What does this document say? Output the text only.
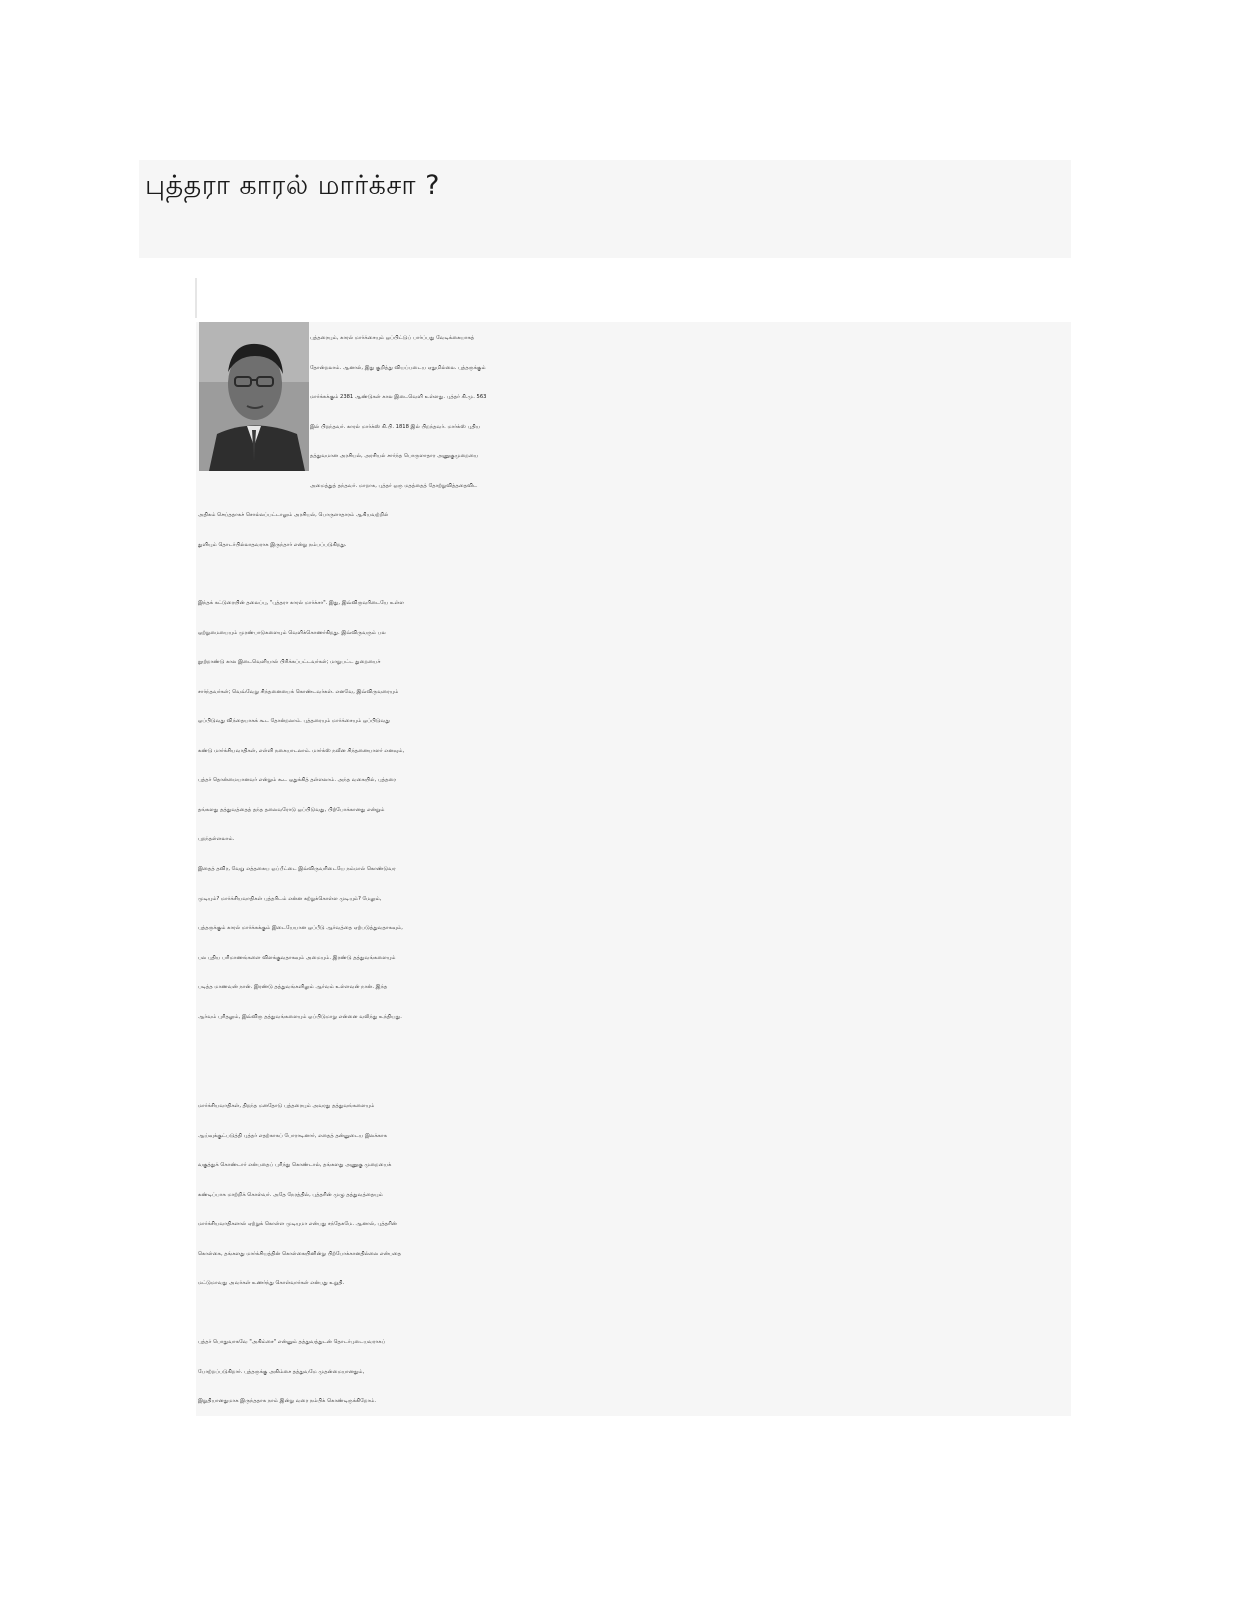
புத்தரா காரல் மார்க்சா ?
புத்தரையும், காரல் மார்க்சையும் ஒப்பிட்டுப் பார்ப்பது வேடிக்கையாகத்
தோன்றலாம். ஆனால், இது குறித்து வியப்படைய ஏதுமில்லை. புத்தருக்கும்
மார்க்சுக்கும் 2381 ஆண்டுகள் கால இடைவெளி உள்ளது. புத்தர் கி.மு. 563
இல் பிறந்தவர். காரல் மார்க்ஸ் கி.பி. 1818 இல் பிறந்தவர். மார்க்ஸ் புதிய
தத்துவமான அரசியல், அரசியல் சார்ந்த பொருளாதார அணுகுமுறையை
அமைத்துத் தந்தவர். மாறாக, புத்தர் ஒரு மதத்தைத் தோற்றுவித்ததைவிட
அதிகம் செய்ததாகச் சொல்லப்பட்டாலும் அரசியல், பொருளாதாரம் ஆகியவற்றில்
துளியும் தொடர்பில்லாதவராக இருந்தார் என்று நம்பப்படுகிறது.
இந்தக் கட்டுரையின் தலைப்பு, "புத்தரா காரல் மார்க்சா". இது, இவ்விருவரிடையே உள்ள
ஒற்றுமையையும் முரண்பாடுகளையும் வெளிக்கொணர்கிறது. இவ்விருவரும் பல
நூற்றாண்டு கால இடைவெளியால் பிரிக்கப்பட்டவர்கள்; மாறுபட்ட துறையைச்
சார்ந்தவர்கள்; வெவ்வேறு சிந்தனையைக் கொண்டவர்கள். எனவே, இவ்விருவரையும்
ஒப்பிடுவது விந்தையாகக் கூட தோன்றலாம். புத்தரையும் மார்க்சையும் ஒப்பிடுவது
கண்டு மார்க்சியவாதிகள், எள்ளி நகையாடலாம். மார்க்ஸ் நவீன சிந்தனையாளர் எனவும்,
புத்தர் தொன்மையானவர் என்றும் கூட ஒதுக்கித் தள்ளலாம். அந்த வகையில், புத்தரை
தங்களது தத்துவத்தைத் தந்த தலைவரோடு ஒப்பிடுவது, பிற்போக்கானது என்றும்
புறந்தள்ளலாம்.
இதைத் தவிர, வேறு எத்தகைய ஒப்பீட்டை இவ்விருவரிடையே நம்மால் கொண்டுவர
முடியும்? மார்க்சியவாதிகள் புத்தரிடம் என்ன கற்றுக்கொள்ள முடியும்? மேலும்,
புத்தருக்கும் காரல் மார்க்சுக்கும் இடையேயான ஒப்பீடு ஆர்வத்தை ஏற்படுத்துவதாகவும்,
பல புதிய பரிமாணங்களை விளக்குவதாகவும் அமையும். இரண்டு தத்துவங்களையும்
படித்த மாணவன் நான். இரண்டு தத்துவங்களிலும் ஆர்வம் உள்ளவன் நான். இந்த
ஆர்வம் புரிதலும், இவ்விரு தத்துவங்களையும் ஒப்பிடுமாறு என்னை வலிந்து உந்தியது.
மார்க்சியவாதிகள், திறந்த மனதோடு புத்தரையும் அவரது தத்துவங்களையும்
ஆய்வுக்குட்படுத்தி புத்தர் எதற்காகப் போராடினார், எதைத் தன்னுடைய இலக்காக
வகுத்துக் கொண்டார் என்பதைப் புரிந்து கொண்டால், தங்களது அணுகு முறையைக்
கண்டிப்பாக மாற்றிக் கொள்வர். அதே நேரத்தில், புத்தரின் முழு தத்துவத்தையும்
மார்க்சியவாதிகளால் ஏற்றுக் கொள்ள முடியுமா என்பது சந்தேகமே. ஆனால், புத்தரின்
கொள்கை, தங்களது மார்க்சியத்தின் கொள்கையினின்று பிற்போக்கானதில்லை என்பதை
மட்டுமாவது அவர்கள் உணர்ந்து கொள்வார்கள் என்பது உறுதி.
புத்தர் பொதுவாகவே "அகிம்சை" என்னும் தத்துவத்துடன் தொடர்புடையவராகப்
போற்றப்படுகிறார். புத்தருக்கு அகிம்சை தத்துவமே முதன்மையானதும்,
இறுதியானதுமாக இருந்ததாக நாம் இன்று வரை நம்பிக் கொண்டிருக்கிறோம்.
